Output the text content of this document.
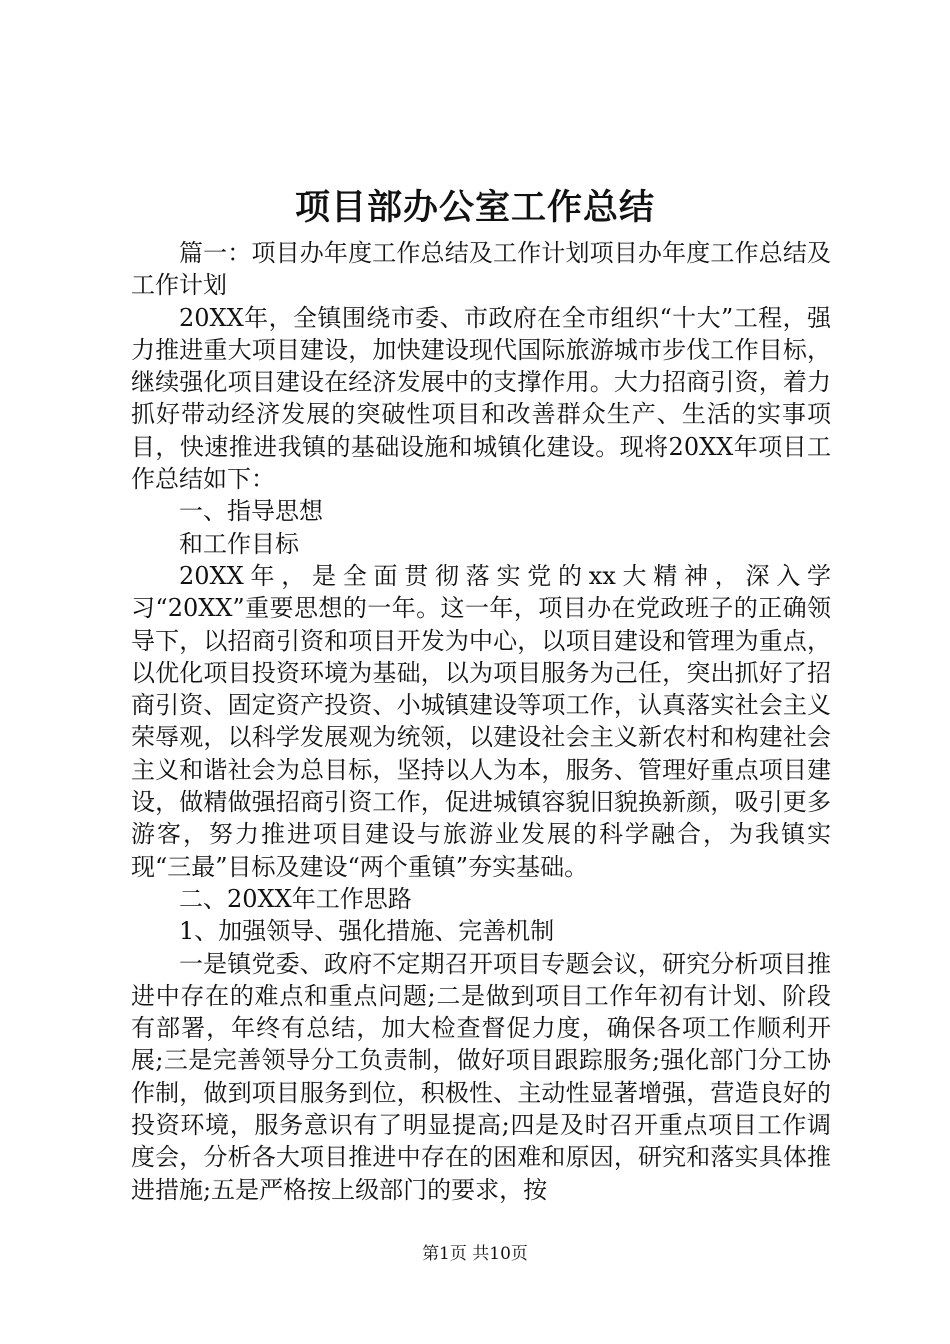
项目部办公室工作总结

篇一：项目办年度工作总结及工作计划项目办年度工作总结及工作计划

20XX年，全镇围绕市委、市政府在全市组织“十大”工程，强力推进重大项目建设，加快建设现代国际旅游城市步伐工作目标，继续强化项目建设在经济发展中的支撑作用。大力招商引资，着力抓好带动经济发展的突破性项目和改善群众生产、生活的实事项目，快速推进我镇的基础设施和城镇化建设。现将20XX年项目工作总结如下：

一、指导思想

和工作目标

20XX年，是全面贯彻落实党的xx大精神，深入学习“20XX”重要思想的一年。这一年，项目办在党政班子的正确领导下，以招商引资和项目开发为中心，以项目建设和管理为重点，以优化项目投资环境为基础，以为项目服务为己任，突出抓好了招商引资、固定资产投资、小城镇建设等项工作，认真落实社会主义荣辱观，以科学发展观为统领，以建设社会主义新农村和构建社会主义和谐社会为总目标，坚持以人为本，服务、管理好重点项目建设，做精做强招商引资工作，促进城镇容貌旧貌换新颜，吸引更多游客，努力推进项目建设与旅游业发展的科学融合，为我镇实现“三最”目标及建设“两个重镇”夯实基础。

二、20XX年工作思路

1、加强领导、强化措施、完善机制

一是镇党委、政府不定期召开项目专题会议，研究分析项目推进中存在的难点和重点问题;二是做到项目工作年初有计划、阶段有部署，年终有总结，加大检查督促力度，确保各项工作顺利开展;三是完善领导分工负责制，做好项目跟踪服务;强化部门分工协作制，做到项目服务到位，积极性、主动性显著增强，营造良好的投资环境，服务意识有了明显提高;四是及时召开重点项目工作调度会，分析各大项目推进中存在的困难和原因，研究和落实具体推进措施;五是严格按上级部门的要求，按

第1页 共10页
